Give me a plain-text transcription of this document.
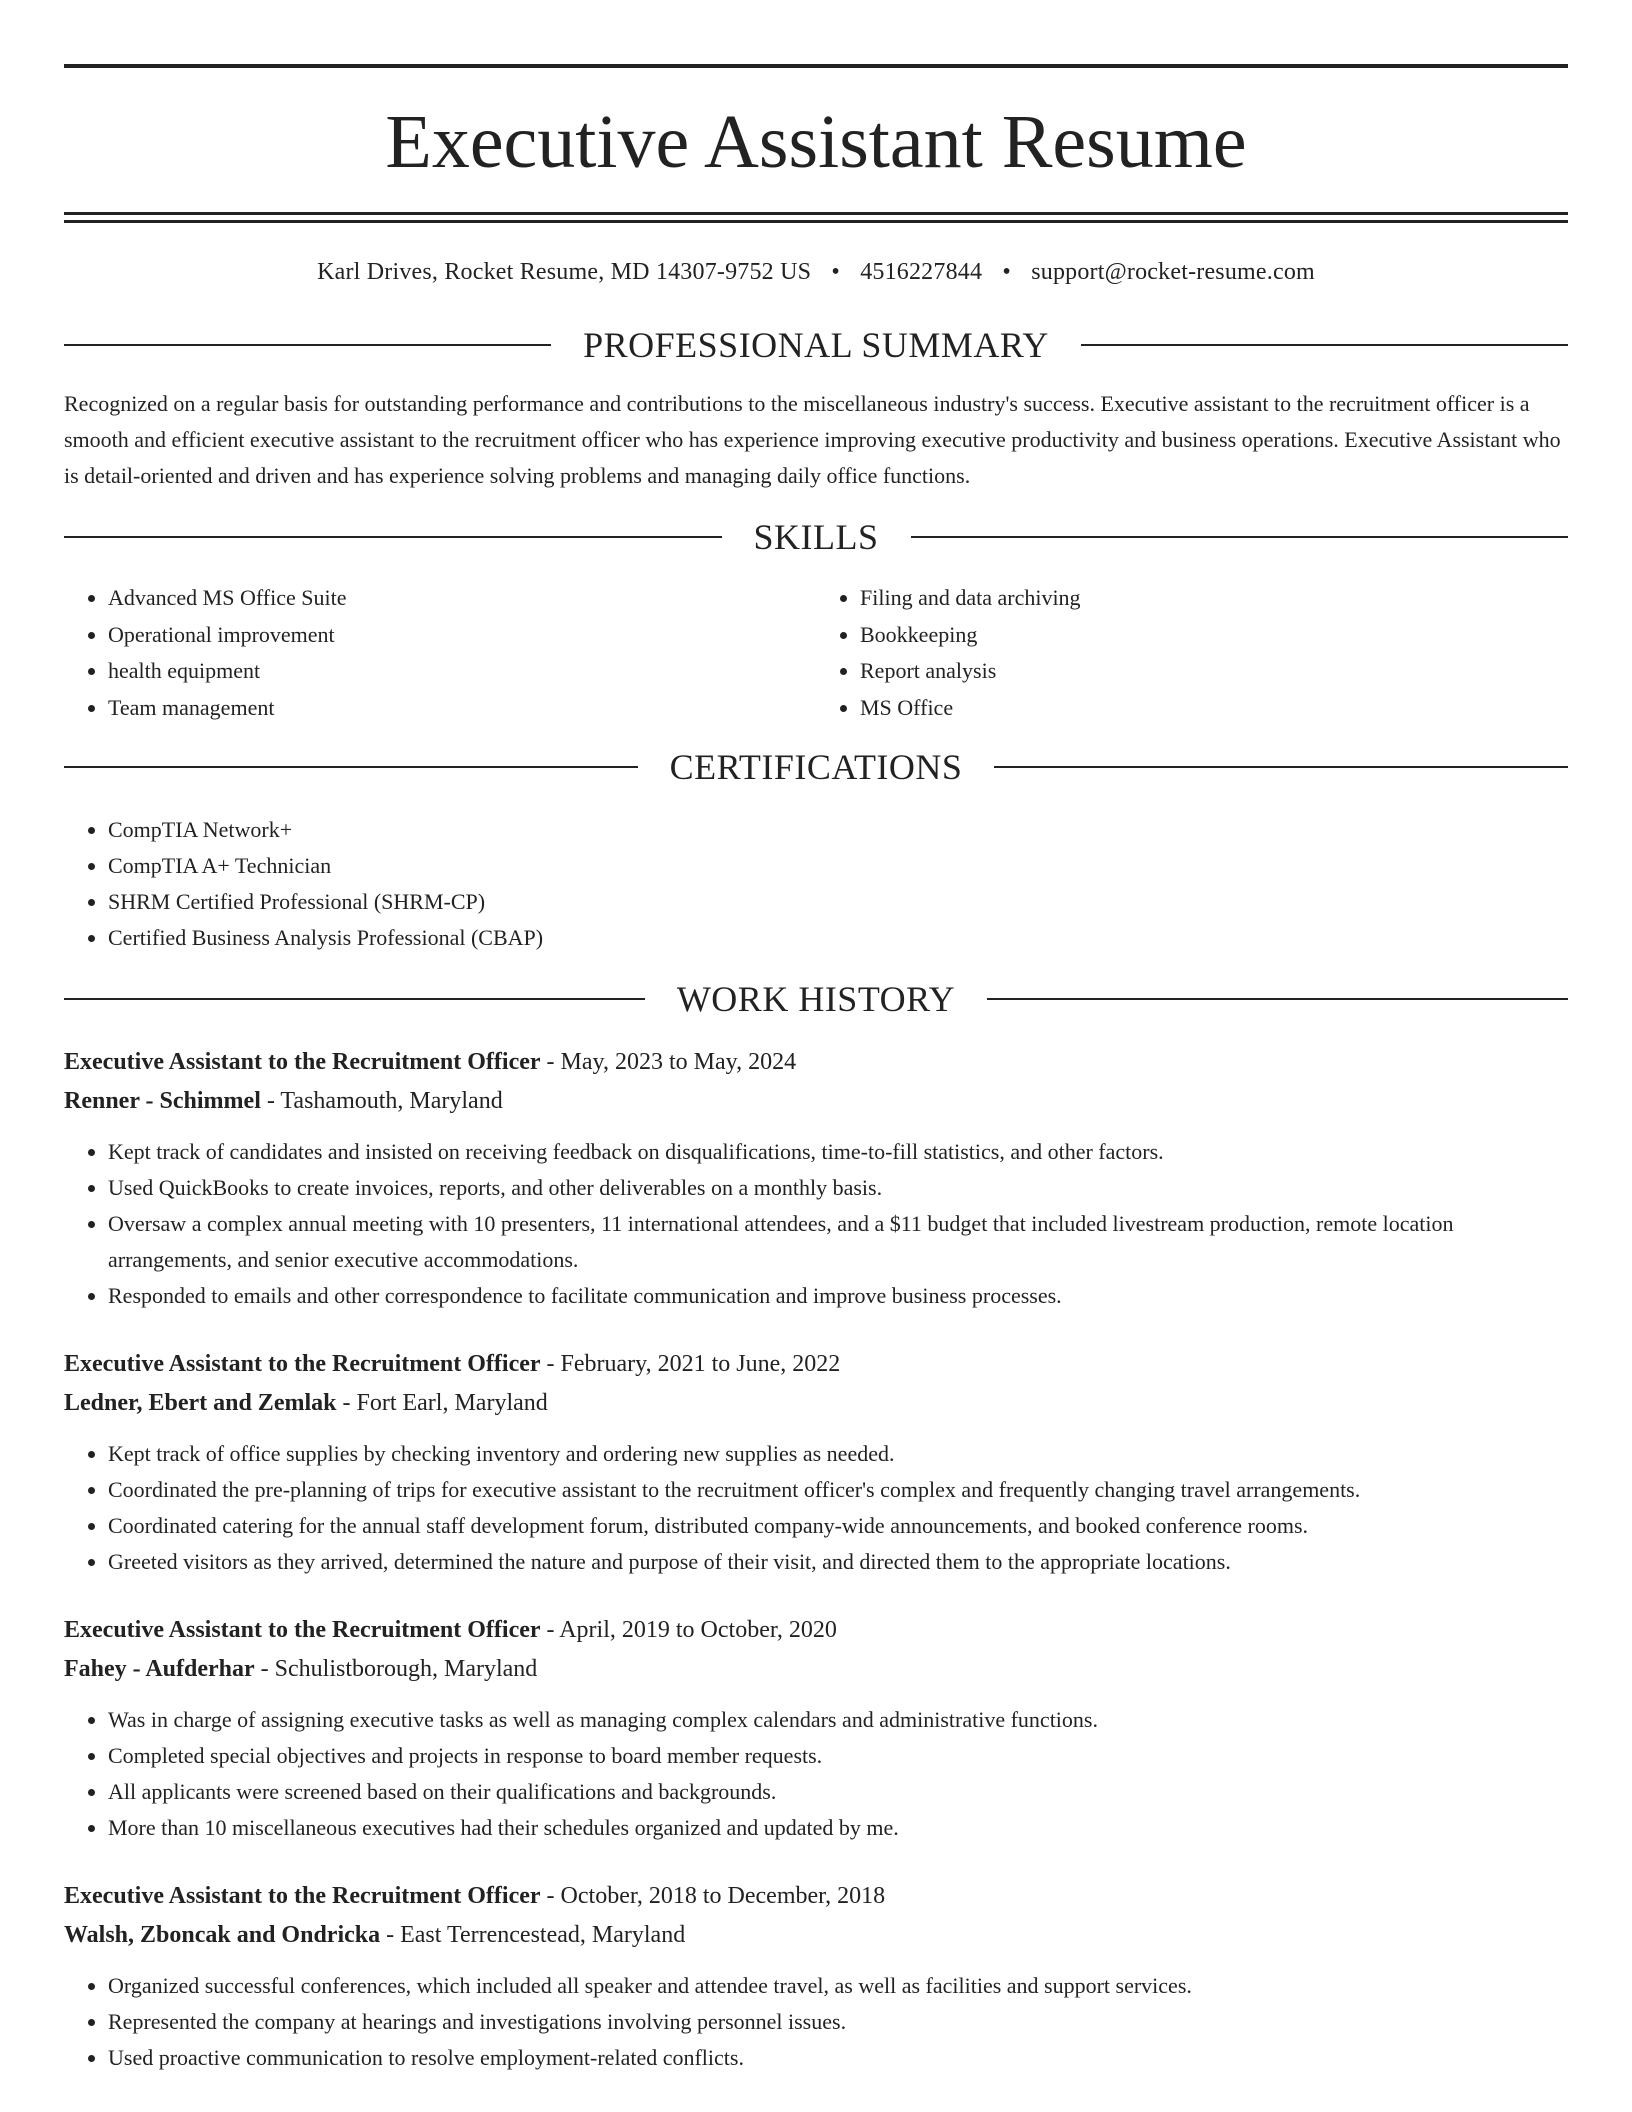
Executive Assistant Resume
Karl Drives, Rocket Resume, MD 14307-9752 US • 4516227844 • support@rocket-resume.com
PROFESSIONAL SUMMARY

Recognized on a regular basis for outstanding performance and contributions to the miscellaneous industry's success. Executive assistant to the recruitment officer is a smooth and efficient executive assistant to the recruitment officer who has experience improving executive productivity and business operations. Executive Assistant who is detail-oriented and driven and has experience solving problems and managing daily office functions.

SKILLS
• Advanced MS Office Suite
• Operational improvement
• health equipment
• Team management
• Filing and data archiving
• Bookkeeping
• Report analysis
• MS Office
CERTIFICATIONS
• CompTIA Network+
• CompTIA A+ Technician
• SHRM Certified Professional (SHRM-CP)
• Certified Business Analysis Professional (CBAP)
WORK HISTORY
Executive Assistant to the Recruitment Officer - May, 2023 to May, 2024
Renner - Schimmel - Tashamouth, Maryland
• Kept track of candidates and insisted on receiving feedback on disqualifications, time-to-fill statistics, and other factors.
• Used QuickBooks to create invoices, reports, and other deliverables on a monthly basis.
• Oversaw a complex annual meeting with 10 presenters, 11 international attendees, and a $11 budget that included livestream production, remote location arrangements, and senior executive accommodations.
• Responded to emails and other correspondence to facilitate communication and improve business processes.
Executive Assistant to the Recruitment Officer - February, 2021 to June, 2022
Ledner, Ebert and Zemlak - Fort Earl, Maryland
• Kept track of office supplies by checking inventory and ordering new supplies as needed.
• Coordinated the pre-planning of trips for executive assistant to the recruitment officer's complex and frequently changing travel arrangements.
• Coordinated catering for the annual staff development forum, distributed company-wide announcements, and booked conference rooms.
• Greeted visitors as they arrived, determined the nature and purpose of their visit, and directed them to the appropriate locations.
Executive Assistant to the Recruitment Officer - April, 2019 to October, 2020
Fahey - Aufderhar - Schulistborough, Maryland
• Was in charge of assigning executive tasks as well as managing complex calendars and administrative functions.
• Completed special objectives and projects in response to board member requests.
• All applicants were screened based on their qualifications and backgrounds.
• More than 10 miscellaneous executives had their schedules organized and updated by me.
Executive Assistant to the Recruitment Officer - October, 2018 to December, 2018
Walsh, Zboncak and Ondricka - East Terrencestead, Maryland
• Organized successful conferences, which included all speaker and attendee travel, as well as facilities and support services.
• Represented the company at hearings and investigations involving personnel issues.
• Used proactive communication to resolve employment-related conflicts.
